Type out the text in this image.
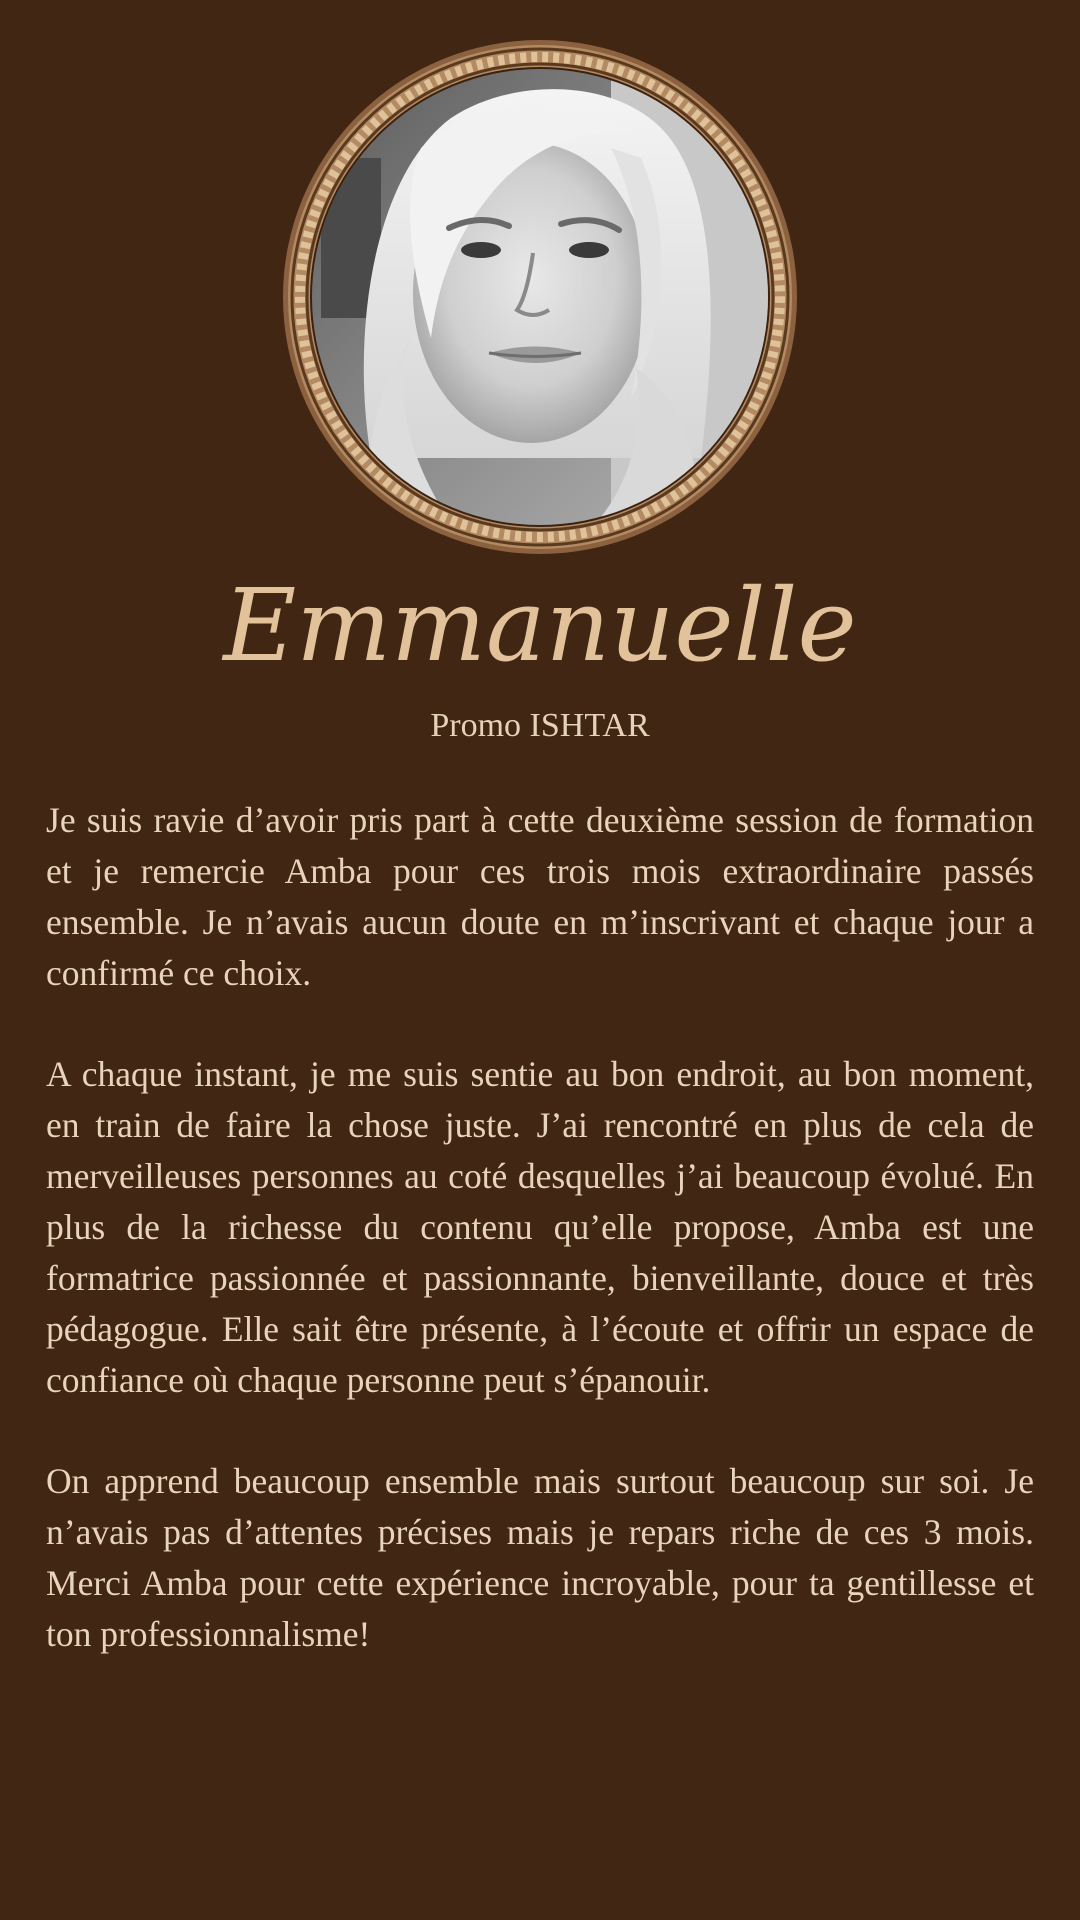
Emmanuelle

Promo ISHTAR

Je suis ravie d’avoir pris part à cette deuxième session de formation et je remercie Amba pour ces trois mois extraordinaire passés ensemble. Je n’avais aucun doute en m’inscrivant et chaque jour a confirmé ce choix.

A chaque instant, je me suis sentie au bon endroit, au bon moment, en train de faire la chose juste. J’ai rencontré en plus de cela de merveilleuses personnes au coté desquelles j’ai beaucoup évolué. En plus de la richesse du contenu qu’elle propose, Amba est une formatrice passionnée et passionnante, bienveillante, douce et très pédagogue. Elle sait être présente, à l’écoute et offrir un espace de confiance où chaque personne peut s’épanouir.

On apprend beaucoup ensemble mais surtout beaucoup sur soi. Je n’avais pas d’attentes précises mais je repars riche de ces 3 mois. Merci Amba pour cette expérience incroyable, pour ta gentillesse et ton professionnalisme!
